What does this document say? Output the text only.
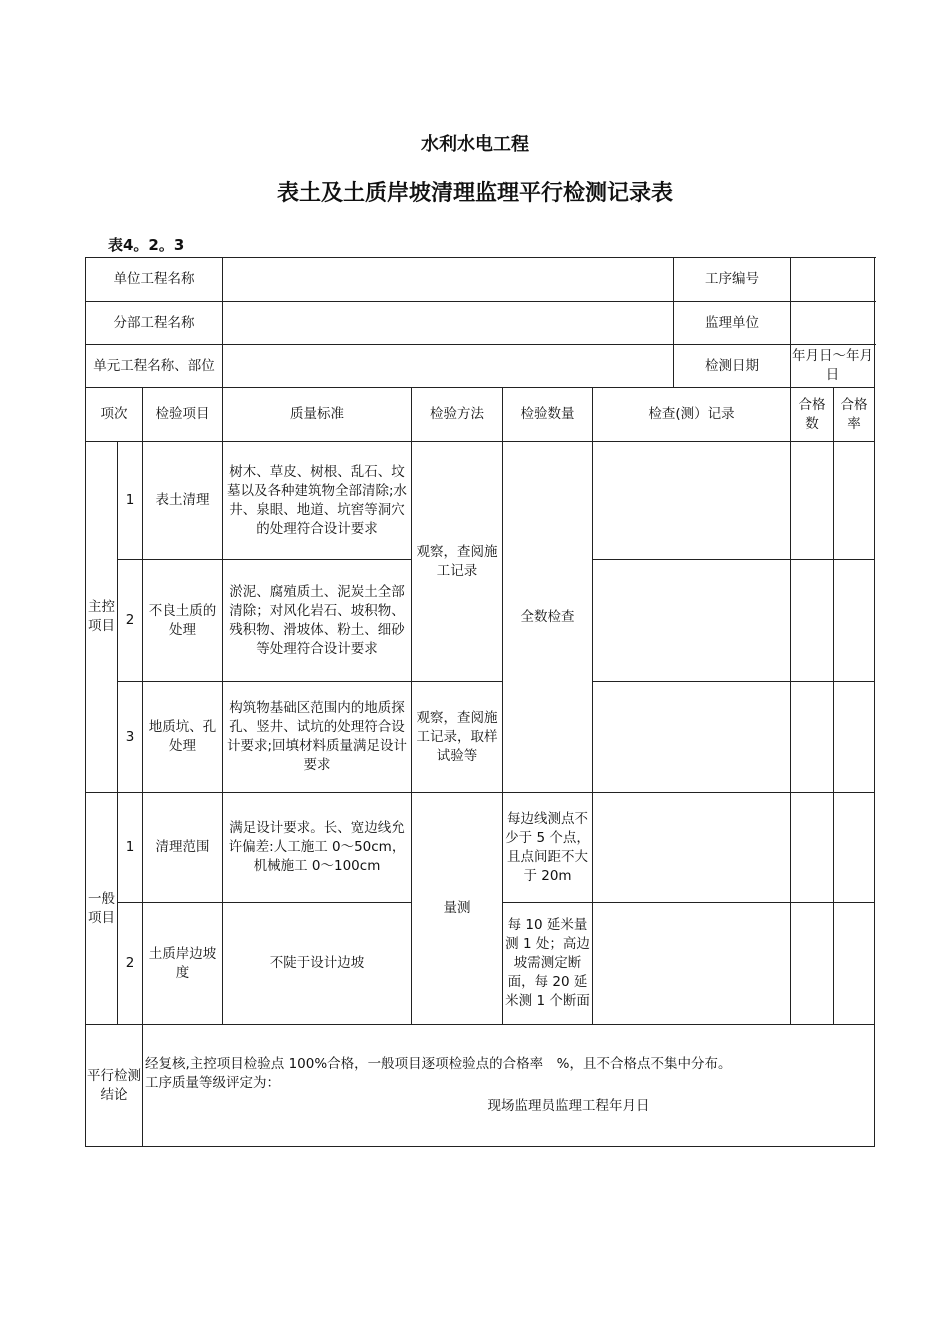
水利水电工程
表土及土质岸坡清理监理平行检测记录表
表4。2。3
单位工程名称							工序编号		
分部工程名称							监理单位		
单元工程名称、部位							检测日期	年月日～年月日	
项次		检验项目	质量标准	检验方法	检验数量	检查(测）记录		合格数	合格率
主控项目	1	表土清理	树木、草皮、树根、乱石、坟墓以及各种建筑物全部清除;水井、泉眼、地道、坑窖等洞穴的处理符合设计要求	观察，查阅施工记录	全数检查				
	2	不良土质的处理	淤泥、腐殖质土、泥炭土全部清除；对风化岩石、坡积物、残积物、滑坡体、粉土、细砂等处理符合设计要求						
	3	地质坑、孔处理	构筑物基础区范围内的地质探孔、竖井、试坑的处理符合设计要求;回填材料质量满足设计要求	观察，查阅施工记录，取样试验等					
一般项目	1	清理范围	满足设计要求。长、宽边线允许偏差:人工施工 0～50cm，机械施工 0～100cm	量测	每边线测点不少于 5 个点，且点间距不大于 20m				
	2	土质岸边坡度	不陡于设计边坡		每 10 延米量测 1 处；高边坡需测定断面，每 20 延米测 1 个断面				
平行检测结论		经复核,主控项目检验点 100%合格，一般项目逐项检验点的合格率　%，且不合格点不集中分布。
工序质量等级评定为：
现场监理员监理工程年月日							
